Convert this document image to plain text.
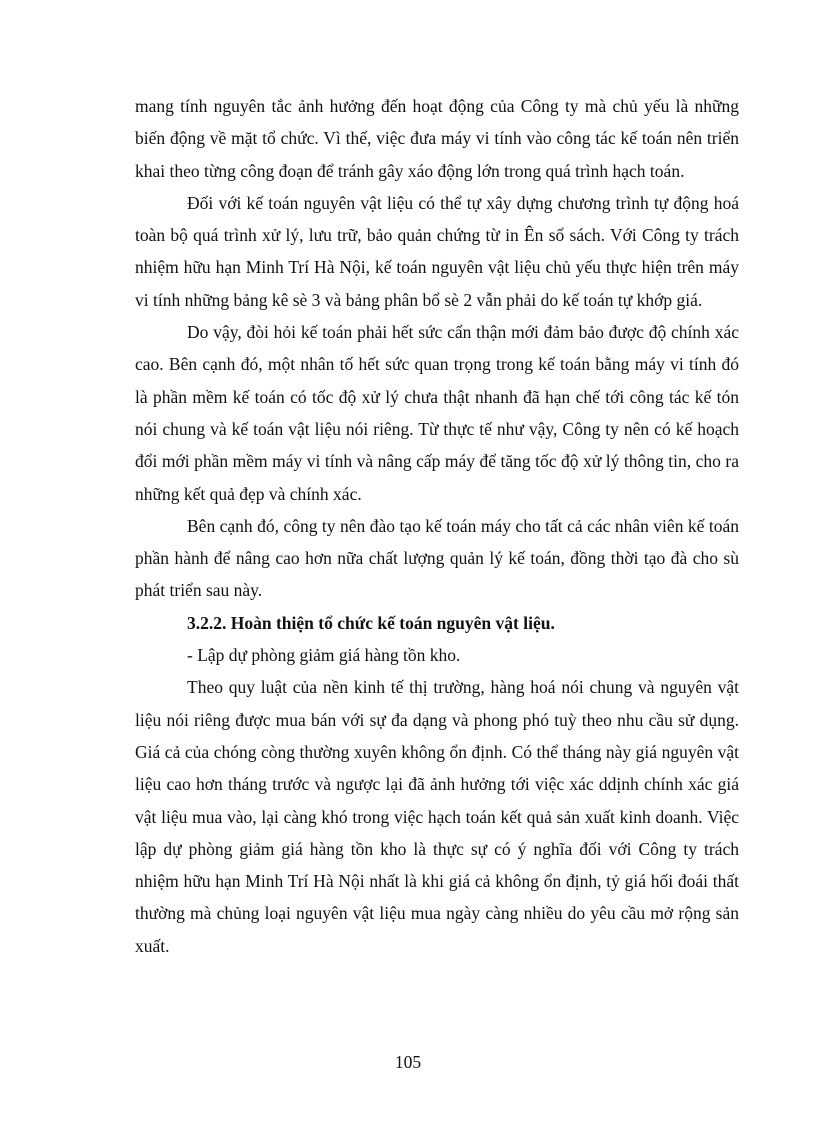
mang tính nguyên tắc ảnh hưởng đến hoạt động của Công ty mà chủ yếu là những biến động về mặt tổ chức. Vì thế, việc đưa máy vi tính vào công tác kế toán nên triển khai theo từng công đoạn để tránh gây xáo động lớn trong quá trình hạch toán.

Đối với kế toán nguyên vật liệu có thể tự xây dựng chương trình tự động hoá toàn bộ quá trình xử lý, lưu trữ, bảo quản chứng từ in Ên sổ sách. Với Công ty trách nhiệm hữu hạn Minh Trí Hà Nội, kế toán nguyên vật liệu chủ yếu thực hiện trên máy vi tính những bảng kê sè 3 và bảng phân bổ sè 2 vẫn phải do kế toán tự khớp giá.

Do vậy, đòi hỏi kế toán phải hết sức cẩn thận mới đảm bảo được độ chính xác cao. Bên cạnh đó, một nhân tố hết sức quan trọng trong kế toán bằng máy vi tính đó là phần mềm kế toán có tốc độ xử lý chưa thật nhanh đã hạn chế tới công tác kế tón nói chung và kế toán vật liệu nói riêng. Từ thực tế như vậy, Công ty nên có kế hoạch đổi mới phần mềm máy vi tính và nâng cấp máy để tăng tốc độ xử lý thông tin, cho ra những kết quả đẹp và chính xác.

Bên cạnh đó, công ty nên đào tạo kế toán máy cho tất cả các nhân viên kế toán phần hành để nâng cao hơn nữa chất lượng quản lý kế toán, đồng thời tạo đà cho sù phát triển sau này.

3.2.2. Hoàn thiện tổ chức kế toán nguyên vật liệu.

- Lập dự phòng giảm giá hàng tồn kho.

Theo quy luật của nền kinh tế thị trường, hàng hoá nói chung và nguyên vật liệu nói riêng được mua bán với sự đa dạng và phong phó tuỳ theo nhu cầu sử dụng. Giá cả của chóng còng thường xuyên không ổn định. Có thể tháng này giá nguyên vật liệu cao hơn tháng trước và ngược lại đã ảnh hưởng tới việc xác ddịnh chính xác giá vật liệu mua vào, lại càng khó trong việc hạch toán kết quả sản xuất kinh doanh. Việc lập dự phòng giảm giá hàng tồn kho là thực sự có ý nghĩa đối với Công ty trách nhiệm hữu hạn Minh Trí Hà Nội nhất là khi giá cả không ổn định, tỷ giá hối đoái thất thường mà chủng loại nguyên vật liệu mua ngày càng nhiều do yêu cầu mở rộng sản xuất.

105
